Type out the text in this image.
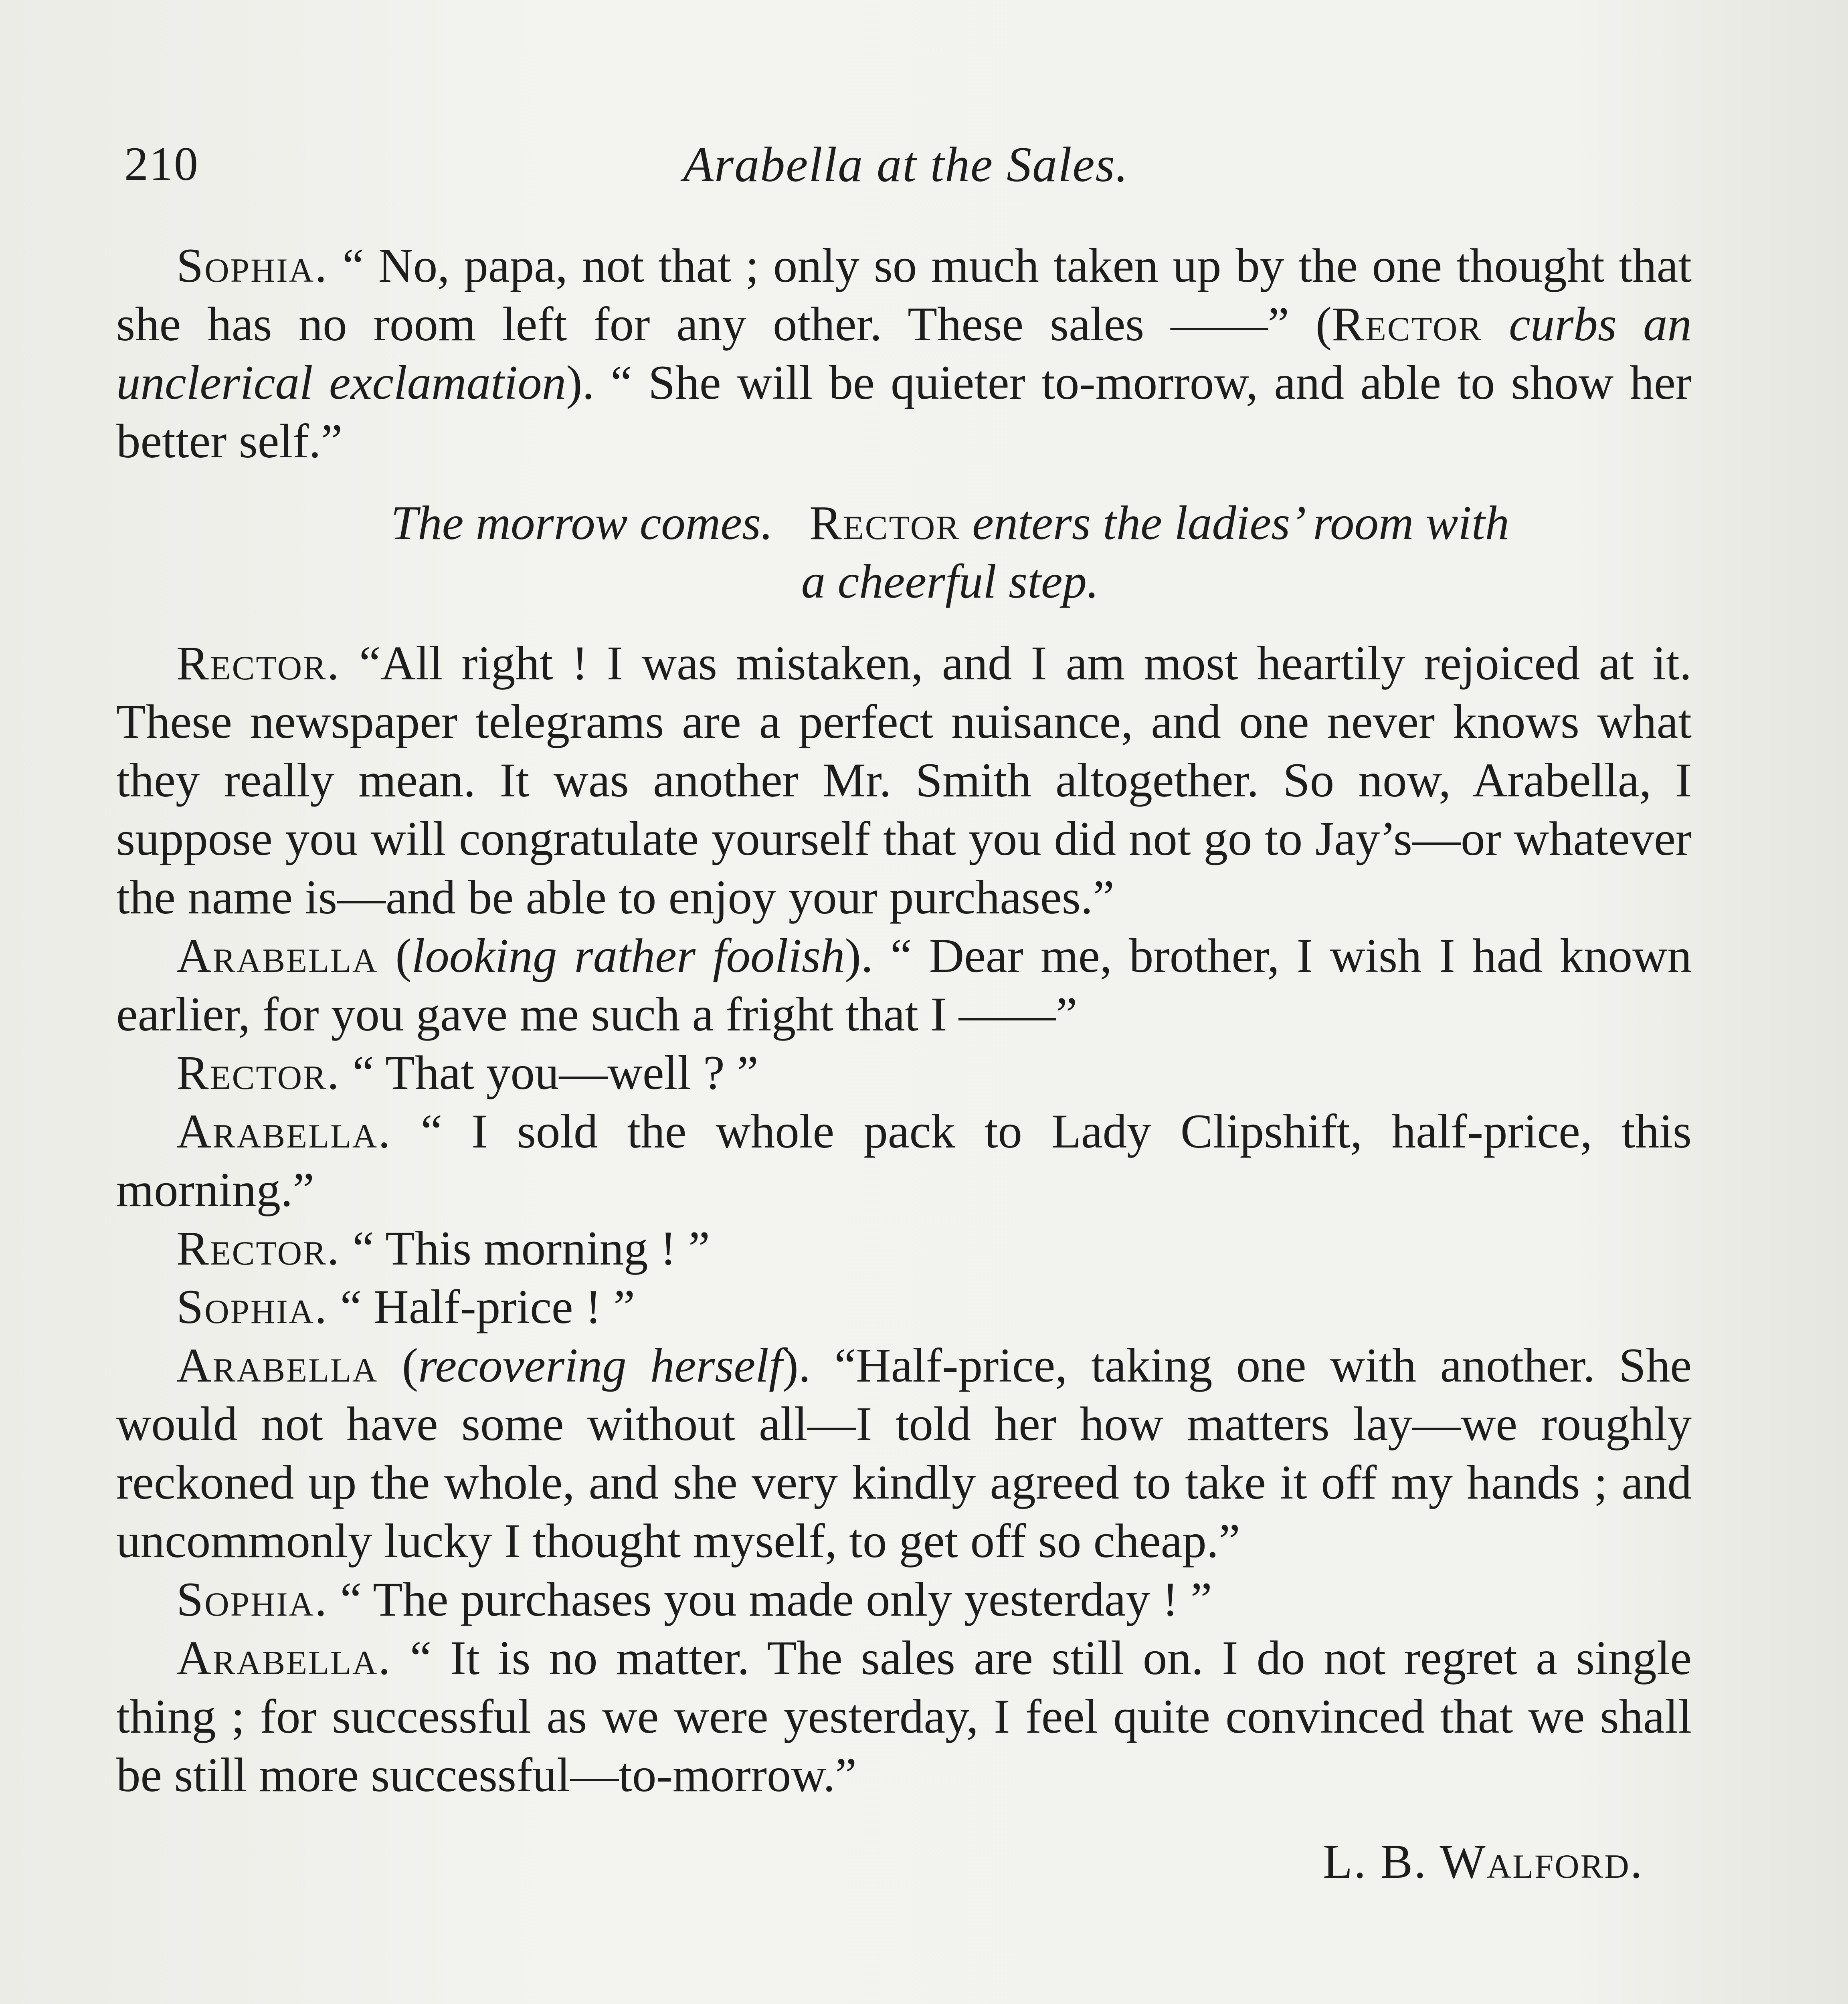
210	Arabella at the Sales.

Sophia. “ No, papa, not that ; only so much taken up by the one thought that she has no room left for any other. These sales ——” (Rector curbs an unclerical exclamation). “ She will be quieter to-morrow, and able to show her better self.”

The morrow comes. Rector enters the ladies’ room with
a cheerful step.

Rector. “All right ! I was mistaken, and I am most heartily rejoiced at it. These newspaper telegrams are a perfect nuisance, and one never knows what they really mean. It was another Mr. Smith altogether. So now, Arabella, I suppose you will congratulate yourself that you did not go to Jay’s—or whatever the name is—and be able to enjoy your purchases.”

Arabella (looking rather foolish). “ Dear me, brother, I wish I had known earlier, for you gave me such a fright that I ——”

Rector. “ That you—well ? ”

Arabella. “ I sold the whole pack to Lady Clipshift, half-price, this morning.”

Rector. “ This morning ! ”

Sophia. “ Half-price ! ”

Arabella (recovering herself). “Half-price, taking one with another. She would not have some without all—I told her how matters lay—we roughly reckoned up the whole, and she very kindly agreed to take it off my hands ; and uncommonly lucky I thought myself, to get off so cheap.”

Sophia. “ The purchases you made only yesterday ! ”

Arabella. “ It is no matter. The sales are still on. I do not regret a single thing ; for successful as we were yesterday, I feel quite convinced that we shall be still more successful—to-morrow.”

L. B. Walford.
